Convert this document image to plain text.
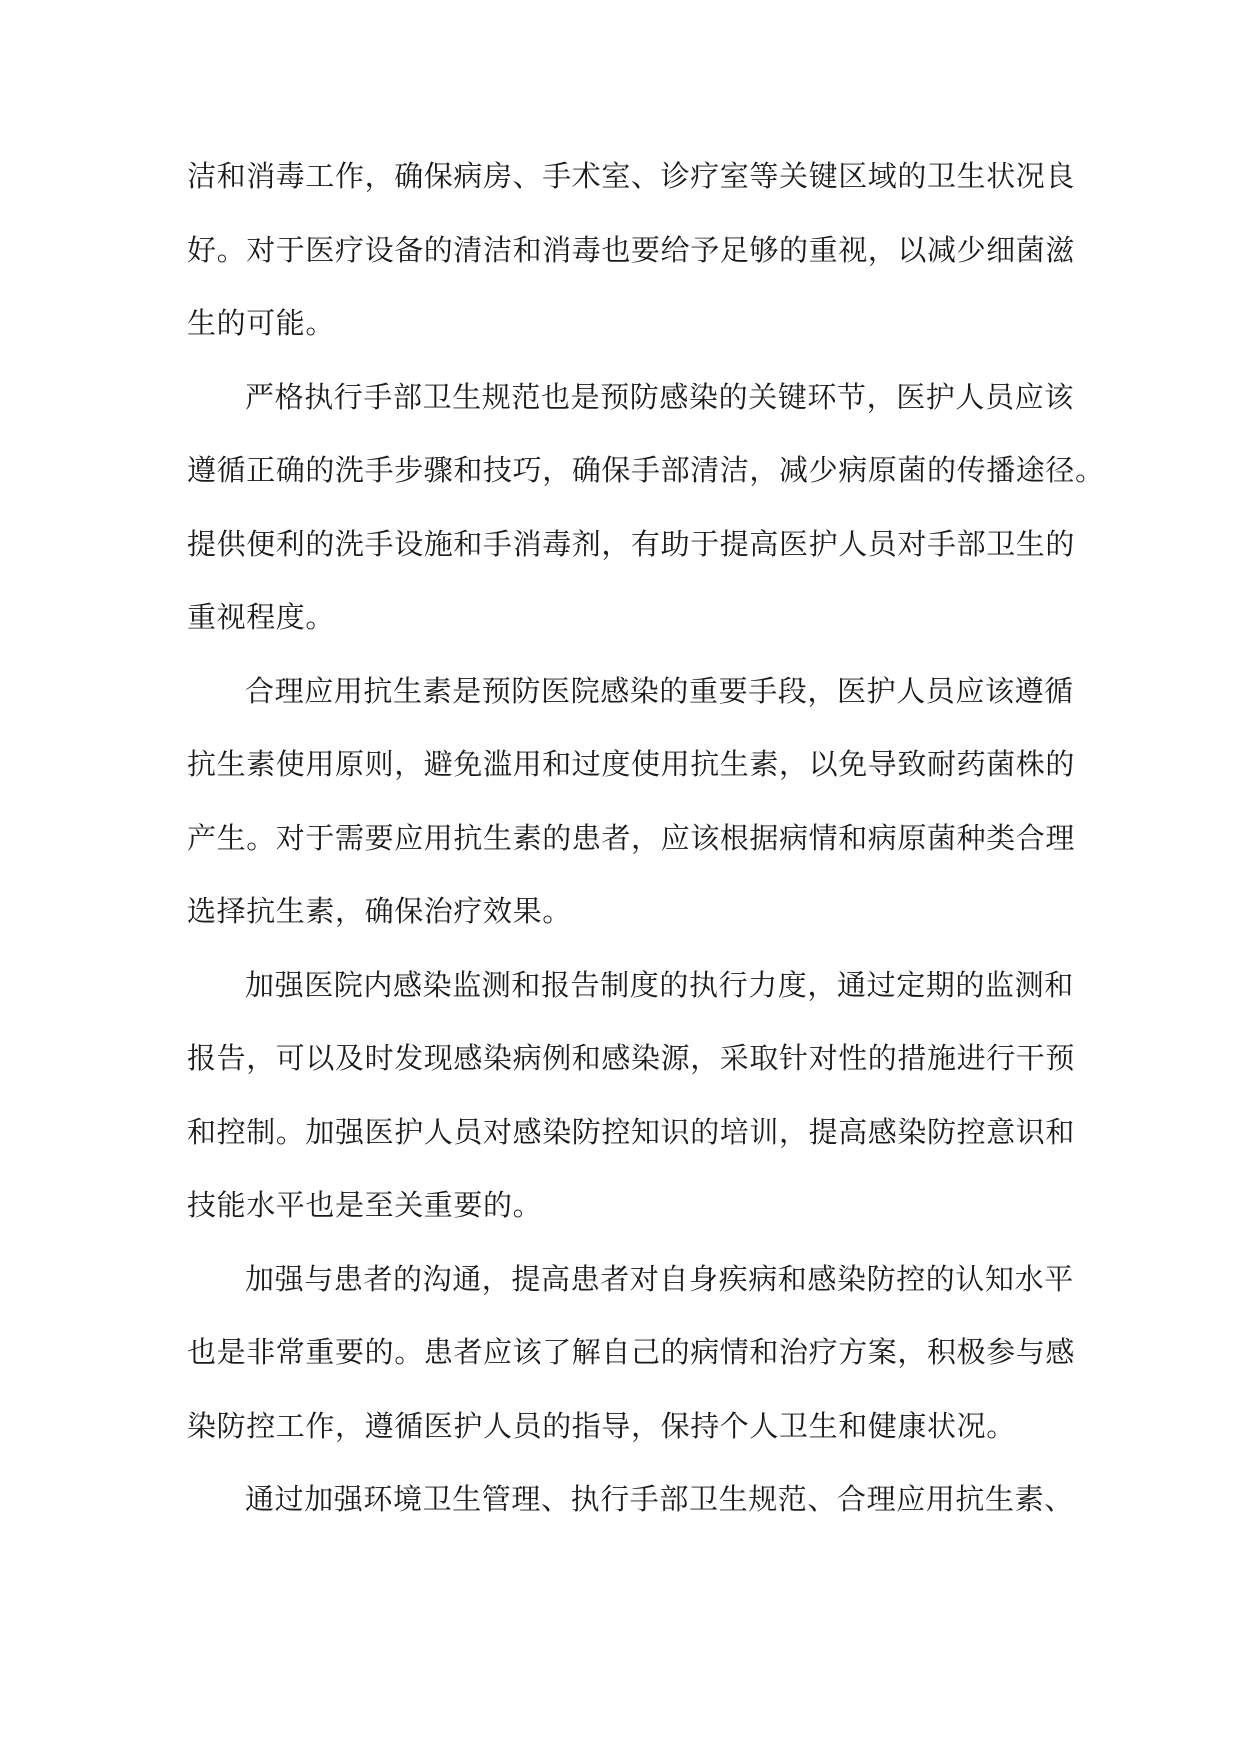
洁和消毒工作，确保病房、手术室、诊疗室等关键区域的卫生状况良
好。对于医疗设备的清洁和消毒也要给予足够的重视，以减少细菌滋
生的可能。
严格执行手部卫生规范也是预防感染的关键环节，医护人员应该
遵循正确的洗手步骤和技巧，确保手部清洁，减少病原菌的传播途径。
提供便利的洗手设施和手消毒剂，有助于提高医护人员对手部卫生的
重视程度。
合理应用抗生素是预防医院感染的重要手段，医护人员应该遵循
抗生素使用原则，避免滥用和过度使用抗生素，以免导致耐药菌株的
产生。对于需要应用抗生素的患者，应该根据病情和病原菌种类合理
选择抗生素，确保治疗效果。
加强医院内感染监测和报告制度的执行力度，通过定期的监测和
报告，可以及时发现感染病例和感染源，采取针对性的措施进行干预
和控制。加强医护人员对感染防控知识的培训，提高感染防控意识和
技能水平也是至关重要的。
加强与患者的沟通，提高患者对自身疾病和感染防控的认知水平
也是非常重要的。患者应该了解自己的病情和治疗方案，积极参与感
染防控工作，遵循医护人员的指导，保持个人卫生和健康状况。
通过加强环境卫生管理、执行手部卫生规范、合理应用抗生素、
